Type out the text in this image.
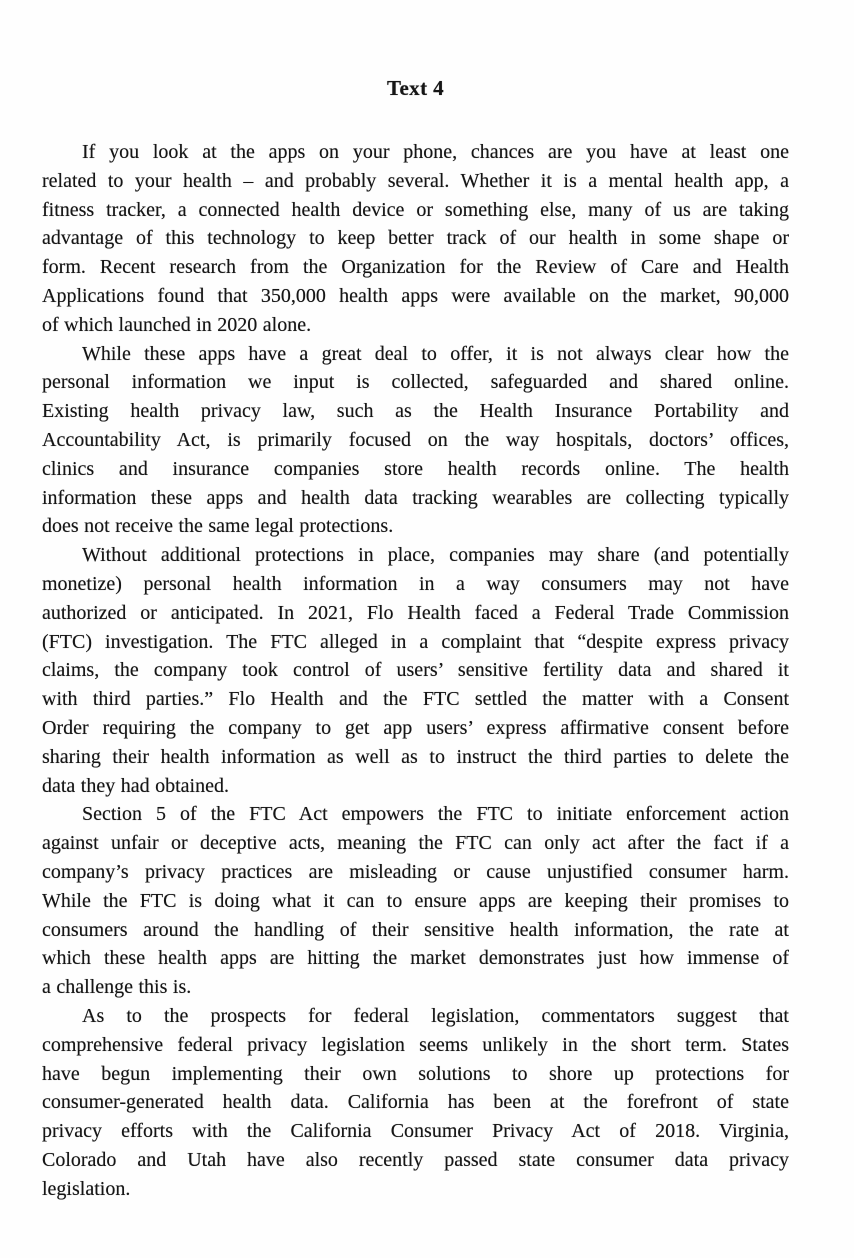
Text 4
If you look at the apps on your phone, chances are you have at least one
related to your health – and probably several. Whether it is a mental health app, a
fitness tracker, a connected health device or something else, many of us are taking
advantage of this technology to keep better track of our health in some shape or
form. Recent research from the Organization for the Review of Care and Health
Applications found that 350,000 health apps were available on the market, 90,000
of which launched in 2020 alone.
While these apps have a great deal to offer, it is not always clear how the
personal information we input is collected, safeguarded and shared online.
Existing health privacy law, such as the Health Insurance Portability and
Accountability Act, is primarily focused on the way hospitals, doctors’ offices,
clinics and insurance companies store health records online. The health
information these apps and health data tracking wearables are collecting typically
does not receive the same legal protections.
Without additional protections in place, companies may share (and potentially
monetize) personal health information in a way consumers may not have
authorized or anticipated. In 2021, Flo Health faced a Federal Trade Commission
(FTC) investigation. The FTC alleged in a complaint that “despite express privacy
claims, the company took control of users’ sensitive fertility data and shared it
with third parties.” Flo Health and the FTC settled the matter with a Consent
Order requiring the company to get app users’ express affirmative consent before
sharing their health information as well as to instruct the third parties to delete the
data they had obtained.
Section 5 of the FTC Act empowers the FTC to initiate enforcement action
against unfair or deceptive acts, meaning the FTC can only act after the fact if a
company’s privacy practices are misleading or cause unjustified consumer harm.
While the FTC is doing what it can to ensure apps are keeping their promises to
consumers around the handling of their sensitive health information, the rate at
which these health apps are hitting the market demonstrates just how immense of
a challenge this is.
As to the prospects for federal legislation, commentators suggest that
comprehensive federal privacy legislation seems unlikely in the short term. States
have begun implementing their own solutions to shore up protections for
consumer-generated health data. California has been at the forefront of state
privacy efforts with the California Consumer Privacy Act of 2018. Virginia,
Colorado and Utah have also recently passed state consumer data privacy
legislation.
